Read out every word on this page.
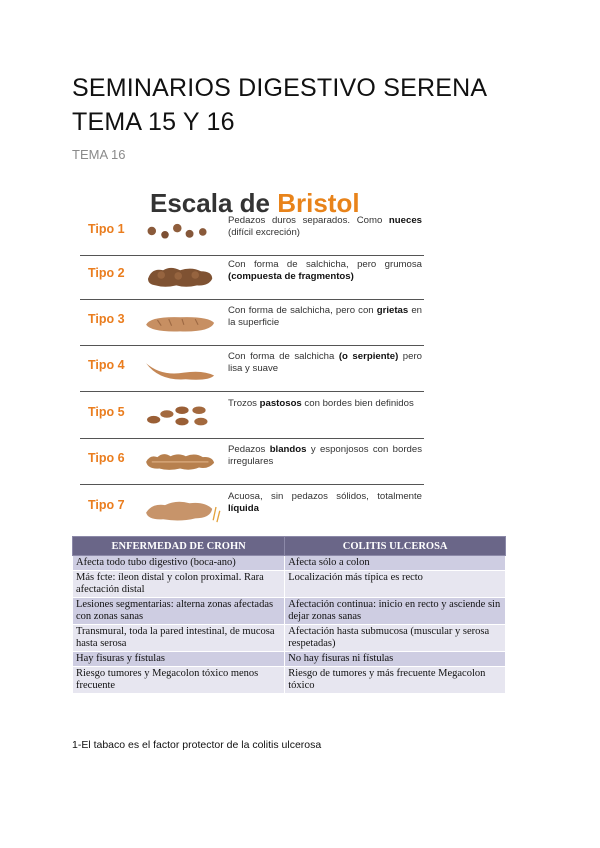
SEMINARIOS DIGESTIVO SERENA
TEMA 15 Y 16
TEMA 16
Escala de Bristol
Tipo 1
Pedazos duros separados. Como nueces (difícil excreción)
Tipo 2
Con forma de salchicha, pero grumosa (compuesta de fragmentos)
Tipo 3
Con forma de salchicha, pero con grietas en la superficie
Tipo 4
Con forma de salchicha (o serpiente) pero lisa y suave
Tipo 5
Trozos pastosos con bordes bien definidos
Tipo 6
Pedazos blandos y esponjosos con bordes irregulares
Tipo 7
Acuosa, sin pedazos sólidos, totalmente líquida
ENFERMEDAD DE CROHN	COLITIS ULCEROSA
Afecta todo tubo digestivo (boca-ano)	Afecta sólo a colon
Más fcte: íleon distal y colon proximal. Rara afectación distal	Localización más típica es recto
Lesiones segmentarias: alterna zonas afectadas con zonas sanas	Afectación continua: inicio en recto y asciende sin dejar zonas sanas
Transmural, toda la pared intestinal, de mucosa hasta serosa	Afectación hasta submucosa (muscular y serosa respetadas)
Hay fisuras y fístulas	No hay fisuras ni fístulas
Riesgo tumores y Megacolon tóxico menos frecuente	Riesgo de tumores y más frecuente Megacolon tóxico
1-El tabaco es el factor protector de la colitis ulcerosa
